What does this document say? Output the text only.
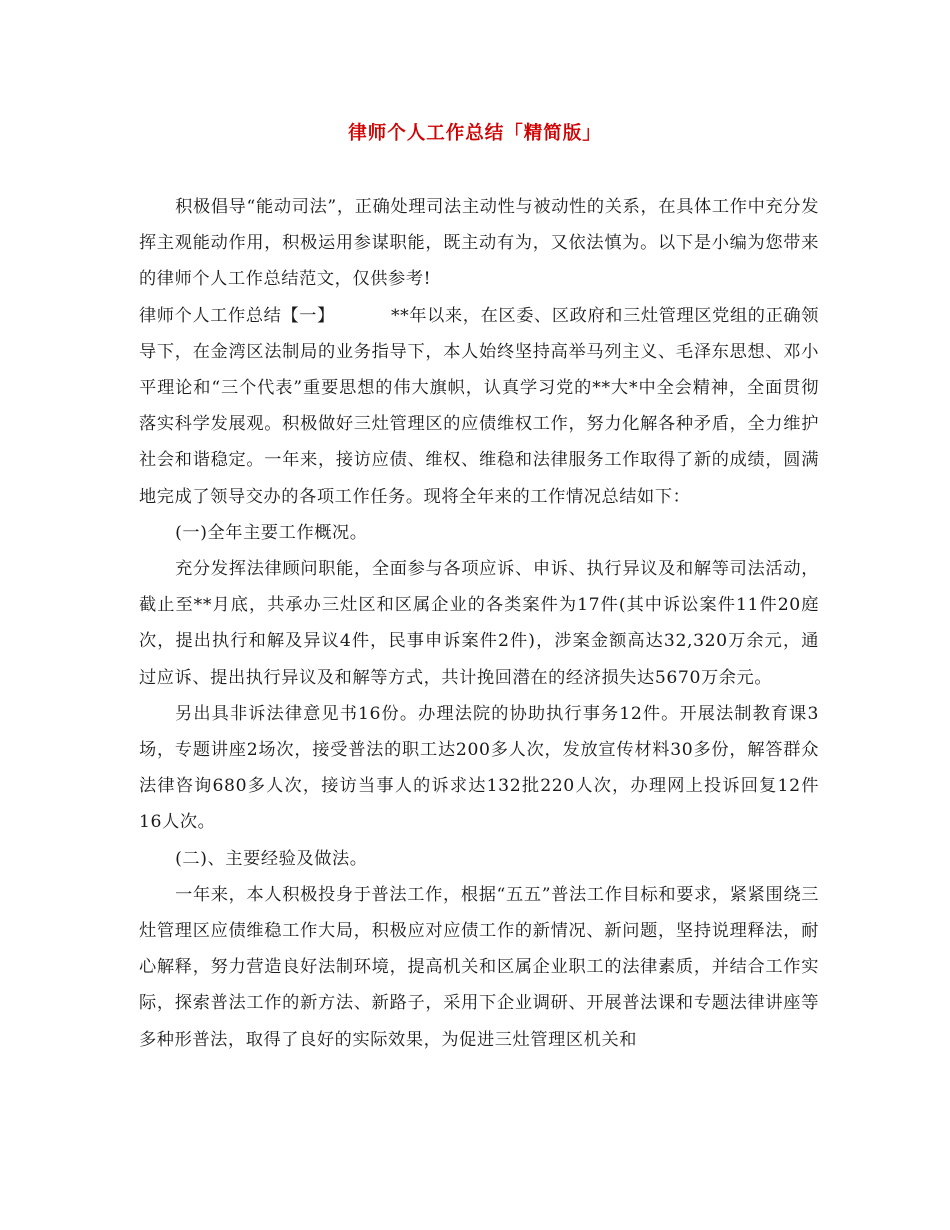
律师个人工作总结「精简版」

积极倡导“能动司法”，正确处理司法主动性与被动性的关系，在具体工作中充分发挥主观能动作用，积极运用参谋职能，既主动有为，又依法慎为。以下是小编为您带来的律师个人工作总结范文，仅供参考!

律师个人工作总结【一】	**年以来，在区委、区政府和三灶管理区党组的正确领导下，在金湾区法制局的业务指导下，本人始终坚持高举马列主义、毛泽东思想、邓小平理论和“三个代表”重要思想的伟大旗帜，认真学习党的**大*中全会精神，全面贯彻落实科学发展观。积极做好三灶管理区的应债维权工作，努力化解各种矛盾，全力维护社会和谐稳定。一年来，接访应债、维权、维稳和法律服务工作取得了新的成绩，圆满地完成了领导交办的各项工作任务。现将全年来的工作情况总结如下：

(一)全年主要工作概况。

充分发挥法律顾问职能，全面参与各项应诉、申诉、执行异议及和解等司法活动，截止至**月底，共承办三灶区和区属企业的各类案件为17件(其中诉讼案件11件20庭次，提出执行和解及异议4件，民事申诉案件2件)，涉案金额高达32,320万余元，通过应诉、提出执行异议及和解等方式，共计挽回潜在的经济损失达5670万余元。

另出具非诉法律意见书16份。办理法院的协助执行事务12件。开展法制教育课3场，专题讲座2场次，接受普法的职工达200多人次，发放宣传材料30多份，解答群众法律咨询680多人次，接访当事人的诉求达132批220人次，办理网上投诉回复12件16人次。

(二)、主要经验及做法。

一年来，本人积极投身于普法工作，根据“五五”普法工作目标和要求，紧紧围绕三灶管理区应债维稳工作大局，积极应对应债工作的新情况、新问题，坚持说理释法，耐心解释，努力营造良好法制环境，提高机关和区属企业职工的法律素质，并结合工作实际，探索普法工作的新方法、新路子，采用下企业调研、开展普法课和专题法律讲座等多种形普法，取得了良好的实际效果，为促进三灶管理区机关和
